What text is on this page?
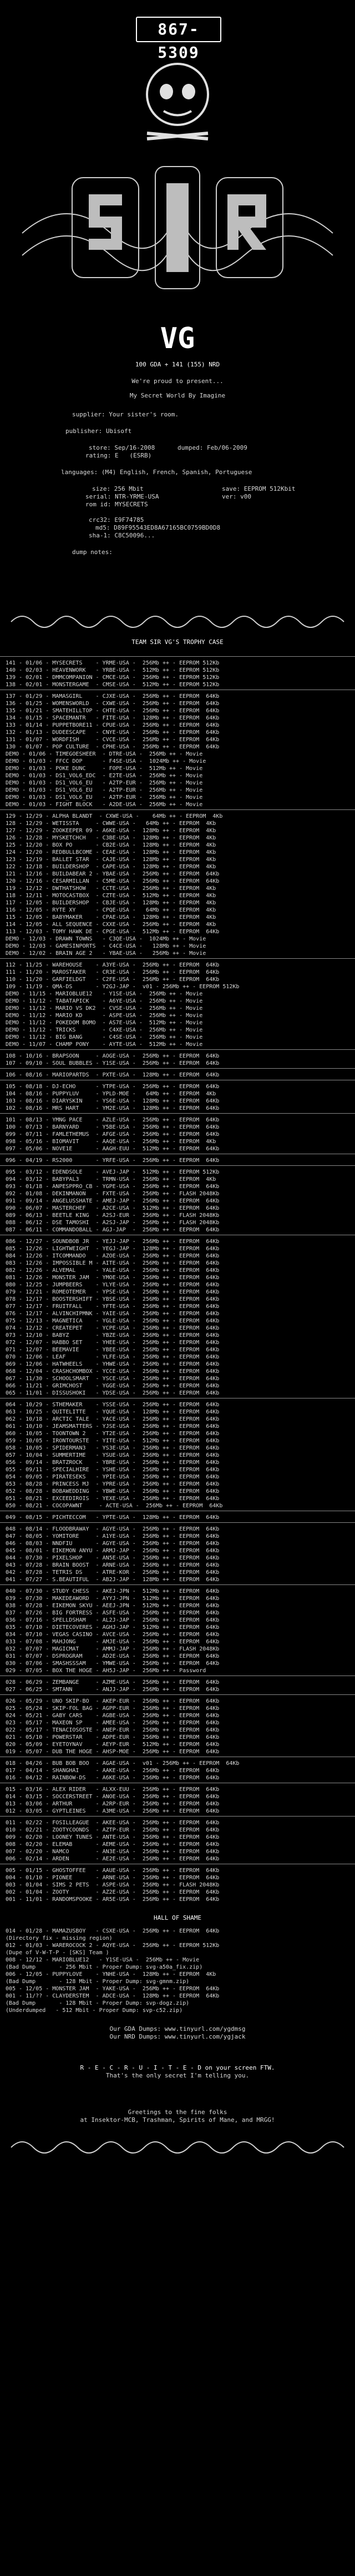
867-5309
VG
100 GDA + 141 (155) NRD
We're proud to present...
My Secret World By Imagine
supplier: Your sister's room.
publisher: Ubisoft
store: Sep/16-2008	dumped: Feb/06-2009
rating: E   (ESRB)
languages: (M4) English, French, Spanish, Portuguese
size: 256 Mbit	save: EEPROM 512Kbit
serial: NTR-YRME-USA	ver: v00
rom id: MYSECRETS
crc32: E9F74785
md5: D89F95543ED8A67165BC0759BD0D8
sha-1: C8C50096...
dump notes:
TEAM SIR VG'S TROPHY CASE
HALL OF SHAME
Our GDA Dumps: www.tinyurl.com/ygdmsg
Our NRD Dumps: www.tinyurl.com/ygjack
R - E - C - R - U - I - T - E - D on your screen FTW.
That's the only secret I'm telling you.
Greetings to the fine folks
at Insektor-MCB, Trashman, Spirits of Mane, and MRGG!
141 - 01/06 - MYSECRETS    - YRME-USA -  256Mb ++ - EEPROM 512Kb
140 - 02/03 - HEAVENWORK   - YRBE-USA -  512Mb ++ - EEPROM 512Kb
139 - 02/01 - DMMCOMPANION - CMCE-USA -  256Mb ++ - EEPROM 512Kb
138 - 02/01 - MONSTERGAME  - CMSE-USA -  512Mb ++ - EEPROM 512Kb
137 - 01/29 - MAMASGIRL    - CJXE-USA -  256Mb ++ - EEPROM  64Kb
136 - 01/25 - WOMENSWORLD  - CXWE-USA -  256Mb ++ - EEPROM  64Kb
135 - 01/21 - SMATEHILLTOP - CHTE-USA -  256Mb ++ - EEPROM  64Kb
134 - 01/15 - SPACEMANTR   - FITE-USA -  128Mb ++ - EEPROM  64Kb
133 - 01/14 - PUPPETBORE11 - CPUE-USA -  256Mb ++ - EEPROM  64Kb
132 - 01/13 - DUDEESCAPE   - CNYE-USA -  256Mb ++ - EEPROM  64Kb
131 - 01/07 - WORDFISH     - CVCE-USA -  256Mb ++ - EEPROM  64Kb
130 - 01/07 - POP CULTURE  - CPHE-USA -  256Mb ++ - EEPROM  64Kb
DEMO - 01/06 - TIMEGOESHEER  - DTRE-USA -  256Mb ++ - Movie
DEMO - 01/03 - FFCC DOP      - F4SE-USA -  1024Mb ++ - Movie
DEMO - 01/03 - POKE DUNC     - FOPE-USA -  512Mb ++ - Movie
DEMO - 01/03 - DS1_VOL6_EDC  - E2TE-USA -  256Mb ++ - Movie
DEMO - 01/03 - DS1_VOL6_EU   - A2TP-EUR -  256Mb ++ - Movie
DEMO - 01/03 - DS1_VOL6_EU   - A2TP-EUR -  256Mb ++ - Movie
DEMO - 01/03 - DS1_VOL6_EU   - A2TP-EUR -  256Mb ++ - Movie
DEMO - 01/03 - FIGHT BLOCK   - A2DE-USA -  256Mb ++ - Movie
129 - 12/29 - ALPHA BLANDT  - CXWE-USA -    64Mb ++ - EEPROM  4Kb
128 - 12/29 - WETISSTA     - CWWE-USA -   64Mb ++ - EEPROM  4Kb
127 - 12/29 - ZOOKEEPER 09 - A6KE-USA -  128Mb ++ - EEPROM  4Kb
126 - 12/28 - MYSKETCHCH   - C3BE-USA -  128Mb ++ - EEPROM  4Kb
125 - 12/20 - BOX PO       - CB2E-USA -  128Mb ++ - EEPROM  4Kb
124 - 12/20 - REDBULLBCOME - CEAE-USA -  128Mb ++ - EEPROM  4Kb
123 - 12/19 - BALLET STAR  - CAJE-USA -  128Mb ++ - EEPROM  4Kb
122 - 12/18 - BUILDERSHOP  - CAPE-USA -  128Mb ++ - EEPROM  4Kb
121 - 12/16 - BUILDABEAR 2 - YBAE-USA -  256Mb ++ - EEPROM  64Kb
120 - 12/16 - CESARMILLAN  - C5ME-USA -  256Mb ++ - EEPROM  64Kb
119 - 12/12 - DWTHATSHOW   - CCTE-USA -  256Mb ++ - EEPROM  4Kb
118 - 12/11 - MOTOCASTBOX  - CZTE-USA -  512Mb ++ - EEPROM  4Kb
117 - 12/05 - BUILDERSHOP  - CBJE-USA -  128Mb ++ - EEPROM  4Kb
116 - 12/05 - RYTE XY      - CPQE-USA -   64Mb ++ - EEPROM  4Kb
115 - 12/05 - BABYMAKER    - CPAE-USA -  128Mb ++ - EEPROM  4Kb
114 - 12/05 - ALL SEQUENCE - CXXE-USA -  256Mb ++ - EEPROM  4Kb
113 - 12/03 - TOMY HAWK DE - CPGE-USA -  512Mb ++ - EEPROM  64Kb
DEMO - 12/03 - DRAWN TOWNS   - C3QE-USA -  1024Mb ++ - Movie
DEMO - 12/03 - GAMESINPORTS  - C4CE-USA -   128Mb ++ - Movie
DEMO - 12/02 - BRAIN AGE 2   - YBAE-USA -   256Mb ++ - Movie
112 - 11/25 - WAREHOUSE    - A3YE-USA -  256Mb ++ - EEPROM  64Kb
111 - 11/20 - MAROSTAKER   - CR3E-USA -  256Mb ++ - EEPROM  64Kb
110 - 11/20 - GARFIELDGT   - C2FE-USA -  256Mb ++ - EEPROM  64Kb
109 - 11/19 - QMA-DS       - Y2GJ-JAP -  v01 - 256Mb ++ - EEPROM 512Kb
DEMO - 11/15 - MARIOBLUE12   - Y1SE-USA -  256Mb ++ - Movie
DEMO - 11/12 - TABATAPICK    - A6YE-USA -  256Mb ++ - Movie
DEMO - 11/12 - MARIO VS DK2  - CVSE-USA -  256Mb ++ - Movie
DEMO - 11/12 - MARIO KD      - ASPE-USA -  256Mb ++ - Movie
DEMO - 11/12 - POKEDOM BOMO  - AS7E-USA -  512Mb ++ - Movie
DEMO - 11/12 - TRICKS        - C4XE-USA -  256Mb ++ - Movie
DEMO - 11/12 - BIG BANG      - C4SE-USA -  256Mb ++ - Movie
DEMO - 11/07 - CHAMP PONY    - AYTE-USA -  512Mb ++ - Movie
108 - 10/16 - BRAPSOON     - AOGE-USA -  256Mb ++ - EEPROM  64Kb
107 - 09/10 - SOUL BUBBLES - Y1SE-USA -  256Mb ++ - EEPROM  64Kb
106 - 08/16 - MARIOPARTDS  - PXTE-USA -  128Mb ++ - EEPROM  64Kb
105 - 08/18 - DJ-ECHO      - YTPE-USA -  256Mb ++ - EEPROM  64Kb
104 - 08/16 - PUPPYLUV     - YPLD-MOE -   64Mb ++ - EEPROM  4Kb
103 - 08/16 - DIARYSKIN    - YS6E-USA -  128Mb ++ - EEPROM  64Kb
102 - 08/16 - MRS HART     - YM2E-USA -  128Mb ++ - EEPROM  64Kb
101 - 08/13 - YMNG PACE    - AZLE-USA -  256Mb ++ - EEPROM  64Kb
100 - 07/13 - BARNYARD     - Y5BE-USA -  256Mb ++ - EEPROM  64Kb
099 - 07/11 - FAMLETHEMUS  - AFGE-USA -  256Mb ++ - EEPROM  64Kb
098 - 05/16 - BIOMAVIT     - AAQE-USA -  256Mb ++ - EEPROM  4Kb
097 - 05/06 - NOVE1E       - AAGH-EUU -  512Mb ++ - EEPROM  64Kb
096 - 04/19 - RS2000       - YRFE-USA -  256Mb ++ - EEPROM  64Kb
095 - 03/12 - EDENDSOLE    - AVEJ-JAP -  512Mb ++ - EEPROM 512Kb
094 - 03/12 - BABYPAL3     - TRMN-USA -  256Mb ++ - EEPROM  4Kb
093 - 01/18 - ANPESPPRO_CB - YGPE-USA -  256Mb ++ - EEPROM  64Kb
092 - 01/08 - DEKINMANON   - FXTE-USA -  256Mb ++ - FLASH 2048Kb
091 - 09/14 - ANGELUSSHATE - AMEJ-JAP -  256Mb ++ - EEPROM  64Kb
090 - 06/07 - MASTERCHEF   - A2CE-USA -  512Mb ++ - EEPROM  64Kb
089 - 06/13 - BEETLE KING  - A2SJ-EUR -  256Mb ++ - FLASH 2048Kb
088 - 06/12 - DSE TAMOSHI  - A2SJ-JAP -  256Mb ++ - FLASH 2048Kb
087 - 06/11 - COMMANDOBALL - AGJ-JAP  -  256Mb ++ - EEPROM  64Kb
086 - 12/27 - SOUNDBOB JR  - YEJJ-JAP -  256Mb ++ - EEPROM  64Kb
085 - 12/26 - LIGHTWEIGHT  - YEGJ-JAP -  128Mb ++ - EEPROM  64Kb
084 - 12/26 - ITCOMMANDO   - AZOE-USA -  256Mb ++ - EEPROM  64Kb
083 - 12/26 - IMPOSSIBLE M - AITE-USA -  256Mb ++ - EEPROM  64Kb
082 - 12/26 - ALVEMAL      - YALE-USA -  256Mb ++ - EEPROM  64Kb
081 - 12/26 - MONSTER JAM  - YMOE-USA -  256Mb ++ - EEPROM  64Kb
080 - 12/25 - JUMPBEERS    - YLYE-USA -  256Mb ++ - EEPROM  64Kb
079 - 12/21 - ROMEOTEMER   - YPSE-USA -  256Mb ++ - EEPROM  64Kb
078 - 12/17 - BOOSTERSHIFT - YBSE-USA -  256Mb ++ - EEPROM  64Kb
077 - 12/17 - FRUITFALL    - YFTE-USA -  256Mb ++ - EEPROM  64Kb
076 - 12/17 - ALVINCHIPMNK - YAIE-USA -  256Mb ++ - EEPROM  64Kb
075 - 12/13 - MAGNETICA    - YGLE-USA -  256Mb ++ - EEPROM  64Kb
074 - 12/12 - CREATEPET    - YCPE-USA -  256Mb ++ - EEPROM  64Kb
073 - 12/10 - BABYZ        - YBZE-USA -  256Mb ++ - EEPROM  64Kb
072 - 12/07 - HABBO SET    - YHEE-USA -  256Mb ++ - EEPROM  64Kb
071 - 12/07 - BEEMAVIE     - YBEE-USA -  256Mb ++ - EEPROM  64Kb
070 - 12/06 - LEAF         - YLFE-USA -  256Mb ++ - EEPROM  64Kb
069 - 12/06 - HATWHEELS    - YHWE-USA -  256Mb ++ - EEPROM  64Kb
068 - 12/04 - CRASHCHOMBOX - YCCE-USA -  256Mb ++ - EEPROM  64Kb
067 - 11/30 - SCHOOLSMART  - YSCE-USA -  256Mb ++ - EEPROM  64Kb
066 - 11/21 - GRIMCHOST    - YGGE-USA -  256Mb ++ - EEPROM  64Kb
065 - 11/01 - DISSUSHOKI   - YDSE-USA -  256Mb ++ - EEPROM  64Kb
064 - 10/29 - STHEMAKER    - YSSE-USA -  256Mb ++ - EEPROM  64Kb
063 - 10/25 - QUITELITTE   - YQUE-USA -  128Mb ++ - EEPROM  64Kb
062 - 10/18 - ARCTIC TALE  - YACE-USA -  256Mb ++ - EEPROM  64Kb
061 - 10/10 - JEAMSMATTERS - YJSE-USA -  256Mb ++ - EEPROM  64Kb
060 - 10/05 - TOONTOWN 2   - YT2E-USA -  256Mb ++ - EEPROM  64Kb
059 - 10/05 - IRONTOURSTE  - YITE-USA -  512Mb ++ - EEPROM  64Kb
058 - 10/05 - SPIDERMAN3   - YS3E-USA -  256Mb ++ - EEPROM  64Kb
057 - 10/04 - SUMMERTIME   - YSUE-USA -  256Mb ++ - EEPROM  64Kb
056 - 09/14 - BRATZROCK    - YBRE-USA -  256Mb ++ - EEPROM  64Kb
055 - 09/11 - SPECIALHIRE  - YSHE-USA -  256Mb ++ - EEPROM  64Kb
054 - 09/05 - PIRATESEKS   - YPIE-USA -  256Mb ++ - EEPROM  64Kb
053 - 08/28 - PRINCESS MJ  - YPRE-USA -  256Mb ++ - EEPROM  64Kb
052 - 08/28 - BOBAWEDDING  - YBWE-USA -  256Mb ++ - EEPROM  64Kb
051 - 08/21 - EXCEEDIROIS  - YEXE-USA -  256Mb ++ - EEPROM  64Kb
050 - 08/21 - COCOPAWNT     - ACTE-USA -  256Mb ++ - EEPROM  64Kb
049 - 08/15 - PICHTECCOM   - YPTE-USA -  128Mb ++ - EEPROM  64Kb
048 - 08/14 - FLOODBRAWAY  - AGYE-USA -  256Mb ++ - EEPROM  64Kb
047 - 08/05 - YOMITORE     - A1YE-USA -  256Mb ++ - EEPROM  64Kb
046 - 08/03 - NNDFIU       - AGYE-USA -  256Mb ++ - EEPROM  64Kb
045 - 08/01 - EIKEMON ANYU - ARMJ-JAP -  256Mb ++ - EEPROM  64Kb
044 - 07/30 - PIXELSHOP    - AN5E-USA -  256Mb ++ - EEPROM  64Kb
043 - 07/28 - BRAIN BOOST  - ARNE-USA -  256Mb ++ - EEPROM  64Kb
042 - 07/28 - TETRIS DS    - ATRE-KOR -  256Mb ++ - EEPROM  64Kb
041 - 07/27 - S.BEAUTIFUL  - AB2J-JAP -  128Mb ++ - EEPROM  64Kb
040 - 07/30 - STUDY CHESS  - AKEJ-JPN -  512Mb ++ - EEPROM  64Kb
039 - 07/30 - MAKEDEAWORD  - AYYJ-JPN -  512Mb ++ - EEPROM  64Kb
038 - 07/28 - EIKEMON SKYU - AEEJ-JPN -  512Mb ++ - EEPROM  64Kb
037 - 07/26 - BIG FORTRESS - ASFE-USA -  256Mb ++ - EEPROM  64Kb
036 - 07/16 - SPELLDSHAM   - AL2J-JAP -  256Mb ++ - EEPROM  64Kb
035 - 07/10 - DIETECOVERES - AGHJ-JAP -  512Mb ++ - EEPROM  64Kb
034 - 07/10 - VEGAS CASINO - AVCE-USA -  256Mb ++ - EEPROM  64Kb
033 - 07/08 - MAHJONG      - AMJE-USA -  256Mb ++ - EEPROM  64Kb
032 - 07/07 - MAGICMAT     - AMMJ-JAP -  256Mb ++ - FLASH 2048Kb
031 - 07/07 - DSPROGRAM    - AD2E-USA -  256Mb ++ - EEPROM  64Kb
030 - 07/06 - SMASHSSSAM   - YMWE-USA -  256Mb ++ - EEPROM  64Kb
029 - 07/05 - BOX THE HOGE - AH5J-JAP -  256Mb ++ - Password
028 - 06/29 - ZEMBANGE     - AZME-USA -  256Mb ++ - EEPROM  64Kb
027 - 06/25 - SMTANN       - ANJJ-JAP -  256Mb ++ - EEPROM  64Kb
026 - 05/29 - UNO SKIP-BO  - AKEP-EUR -  256Mb ++ - EEPROM  64Kb
025 - 05/24 - SKIP-FOL BAG - AGPP-EUR -  256Mb ++ - EEPROM  64Kb
024 - 05/21 - GABY CARS    - AGBE-USA -  256Mb ++ - EEPROM  64Kb
023 - 05/17 - MAXEON SP    - AMEE-USA -  256Mb ++ - EEPROM  64Kb
022 - 05/17 - TENACIOSOSTE - ANEP-EUR -  256Mb ++ - EEPROM  64Kb
021 - 05/10 - POWERSTAR    - ADPE-EUR -  256Mb ++ - EEPROM  64Kb
020 - 05/09 - EYETOYNAV    - AEYP-EUR -  512Mb ++ - EEPROM  64Kb
019 - 05/07 - DUB THE HOGE - AHSP-MOE -  256Mb ++ - EEPROM  64Kb
018 - 04/26 - BUB BOB BOO  - AGAE-USA -  v01 - 256Mb ++ - EEPROM  64Kb
017 - 04/14 - SHANGHAI     - AAKE-USA -  256Mb ++ - EEPROM  64Kb
016 - 04/12 - RAINBOW-DS   - A6KE-USA -  256Mb ++ - EEPROM  64Kb
015 - 03/16 - ALEX RIDER   - ALXX-EUU -  256Mb ++ - EEPROM  64Kb
014 - 03/15 - SOCCERSTREET - ANOE-USA -  256Mb ++ - EEPROM  64Kb
013 - 03/06 - ARTHUR       - A2RP-EUR -  256Mb ++ - EEPROM  64Kb
012 - 03/05 - GYPTLEINES   - A3ME-USA -  256Mb ++ - EEPROM  64Kb
011 - 02/22 - FOSILLEAGUE  - AKEE-USA -  256Mb ++ - EEPROM  64Kb
010 - 02/21 - ZOOTYCOONDS  - AZTP-EUR -  256Mb ++ - EEPROM  64Kb
009 - 02/20 - LOONEY TUNES - ANTE-USA -  256Mb ++ - EEPROM  64Kb
008 - 02/20 - ELEMAB       - AEME-USA -  256Mb ++ - EEPROM  64Kb
007 - 02/20 - NAMCO        - AN3E-USA -  256Mb ++ - EEPROM  64Kb
006 - 02/14 - ARDEN        - AE2E-USA -  256Mb ++ - EEPROM  64Kb
005 - 01/15 - GHOSTOFFEE   - AAUE-USA -  256Mb ++ - EEPROM  64Kb
004 - 01/10 - PIONEE       - ARNE-USA -  256Mb ++ - EEPROM  64Kb
003 - 01/04 - SIMS 2 PETS  - ASPE-USA -  256Mb ++ - FLASH 2048Kb
002 - 01/04 - ZOOTY        - AZ2E-USA -  256Mb ++ - EEPROM  64Kb
001 - 11/01 - RANDOMSPOOKE - AR5E-USA -  256Mb ++ - EEPROM  64Kb
014 - 01/28 - MAMAZUSBOY   - CSXE-USA -  256Mb ++ - EEPROM  64Kb
(Directory fix - missing region)
012 - 01/03 - WAREROCOCK 2 - AQYE-USA -  256Mb ++ - EEPROM 512Kb
(Dupe of V-W-T-P - [SKS] Team )
008 - 12/12 - MARIOBLUE12   - Y1SE-USA -  256Mb ++ - Movie
(Bad Dump       - 256 Mbit - Proper Dump: svg-a50a_fix.zip)
006 - 12/05 - PUPPYLOVE    - YNHE-USA -  128Mb ++ - EEPROM  4Kb
(Bad Dump       - 128 Mbit - Proper Dump: svg-gmnm.zip)
005 - 12/05 - MONSTER JAM  - YAKE-USA -  256Mb ++ - EEPROM  64Kb
001 - 11/?? - CLAYDERSTEM  - ADCE-USA -  128Mb ++ - EEPROM  64Kb
(Bad Dump       - 128 Mbit - Proper Dump: svp-dogz.zip)
(Underdumped   - 512 Mbit - Proper Dump: svp-c52.zip)
